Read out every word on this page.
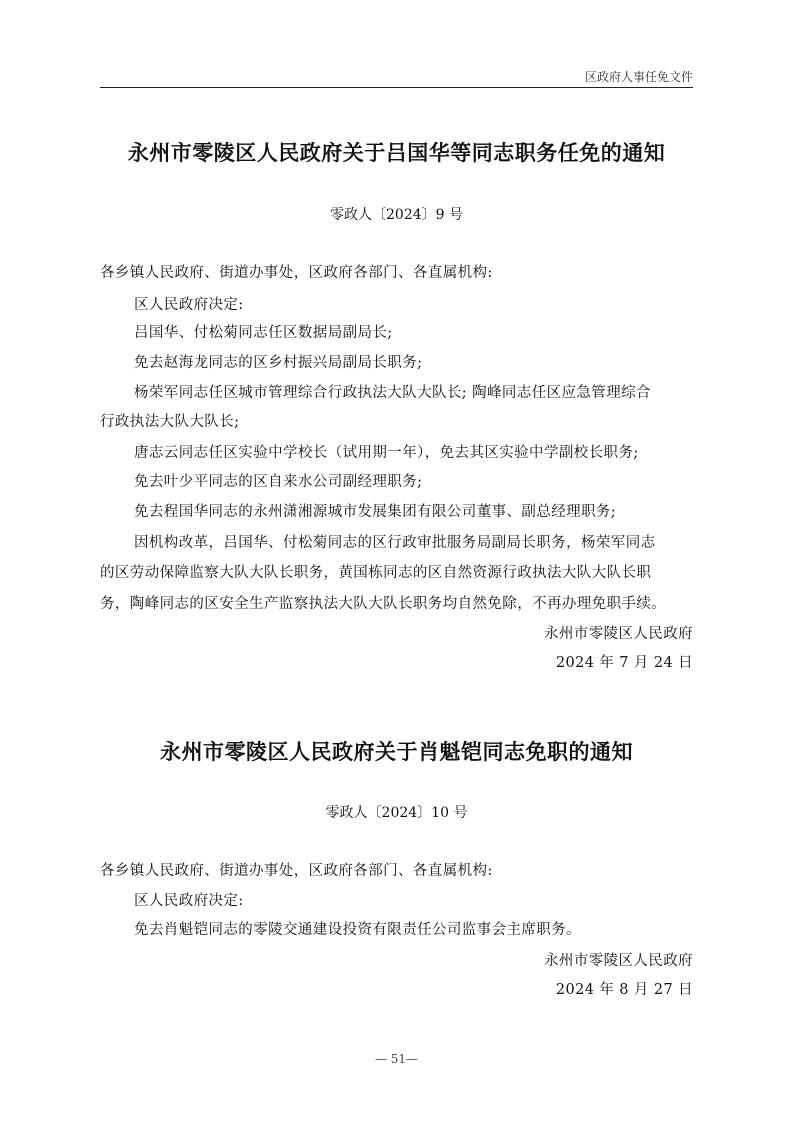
区政府人事任免文件
永州市零陵区人民政府关于吕国华等同志职务任免的通知
零政人〔2024〕9 号
各乡镇人民政府、街道办事处，区政府各部门、各直属机构:
区人民政府决定:
吕国华、付松菊同志任区数据局副局长;
免去赵海龙同志的区乡村振兴局副局长职务;
杨荣军同志任区城市管理综合行政执法大队大队长; 陶峰同志任区应急管理综合
行政执法大队大队长;
唐志云同志任区实验中学校长（试用期一年），免去其区实验中学副校长职务;
免去叶少平同志的区自来水公司副经理职务;
免去程国华同志的永州潇湘源城市发展集团有限公司董事、副总经理职务;
因机构改革，吕国华、付松菊同志的区行政审批服务局副局长职务，杨荣军同志
的区劳动保障监察大队大队长职务，黄国栋同志的区自然资源行政执法大队大队长职
务，陶峰同志的区安全生产监察执法大队大队长职务均自然免除，不再办理免职手续。
永州市零陵区人民政府
2024 年 7 月 24 日
永州市零陵区人民政府关于肖魁铠同志免职的通知
零政人〔2024〕10 号
各乡镇人民政府、街道办事处，区政府各部门、各直属机构:
区人民政府决定:
免去肖魁铠同志的零陵交通建设投资有限责任公司监事会主席职务。
永州市零陵区人民政府
2024 年 8 月 27 日
— 51—
